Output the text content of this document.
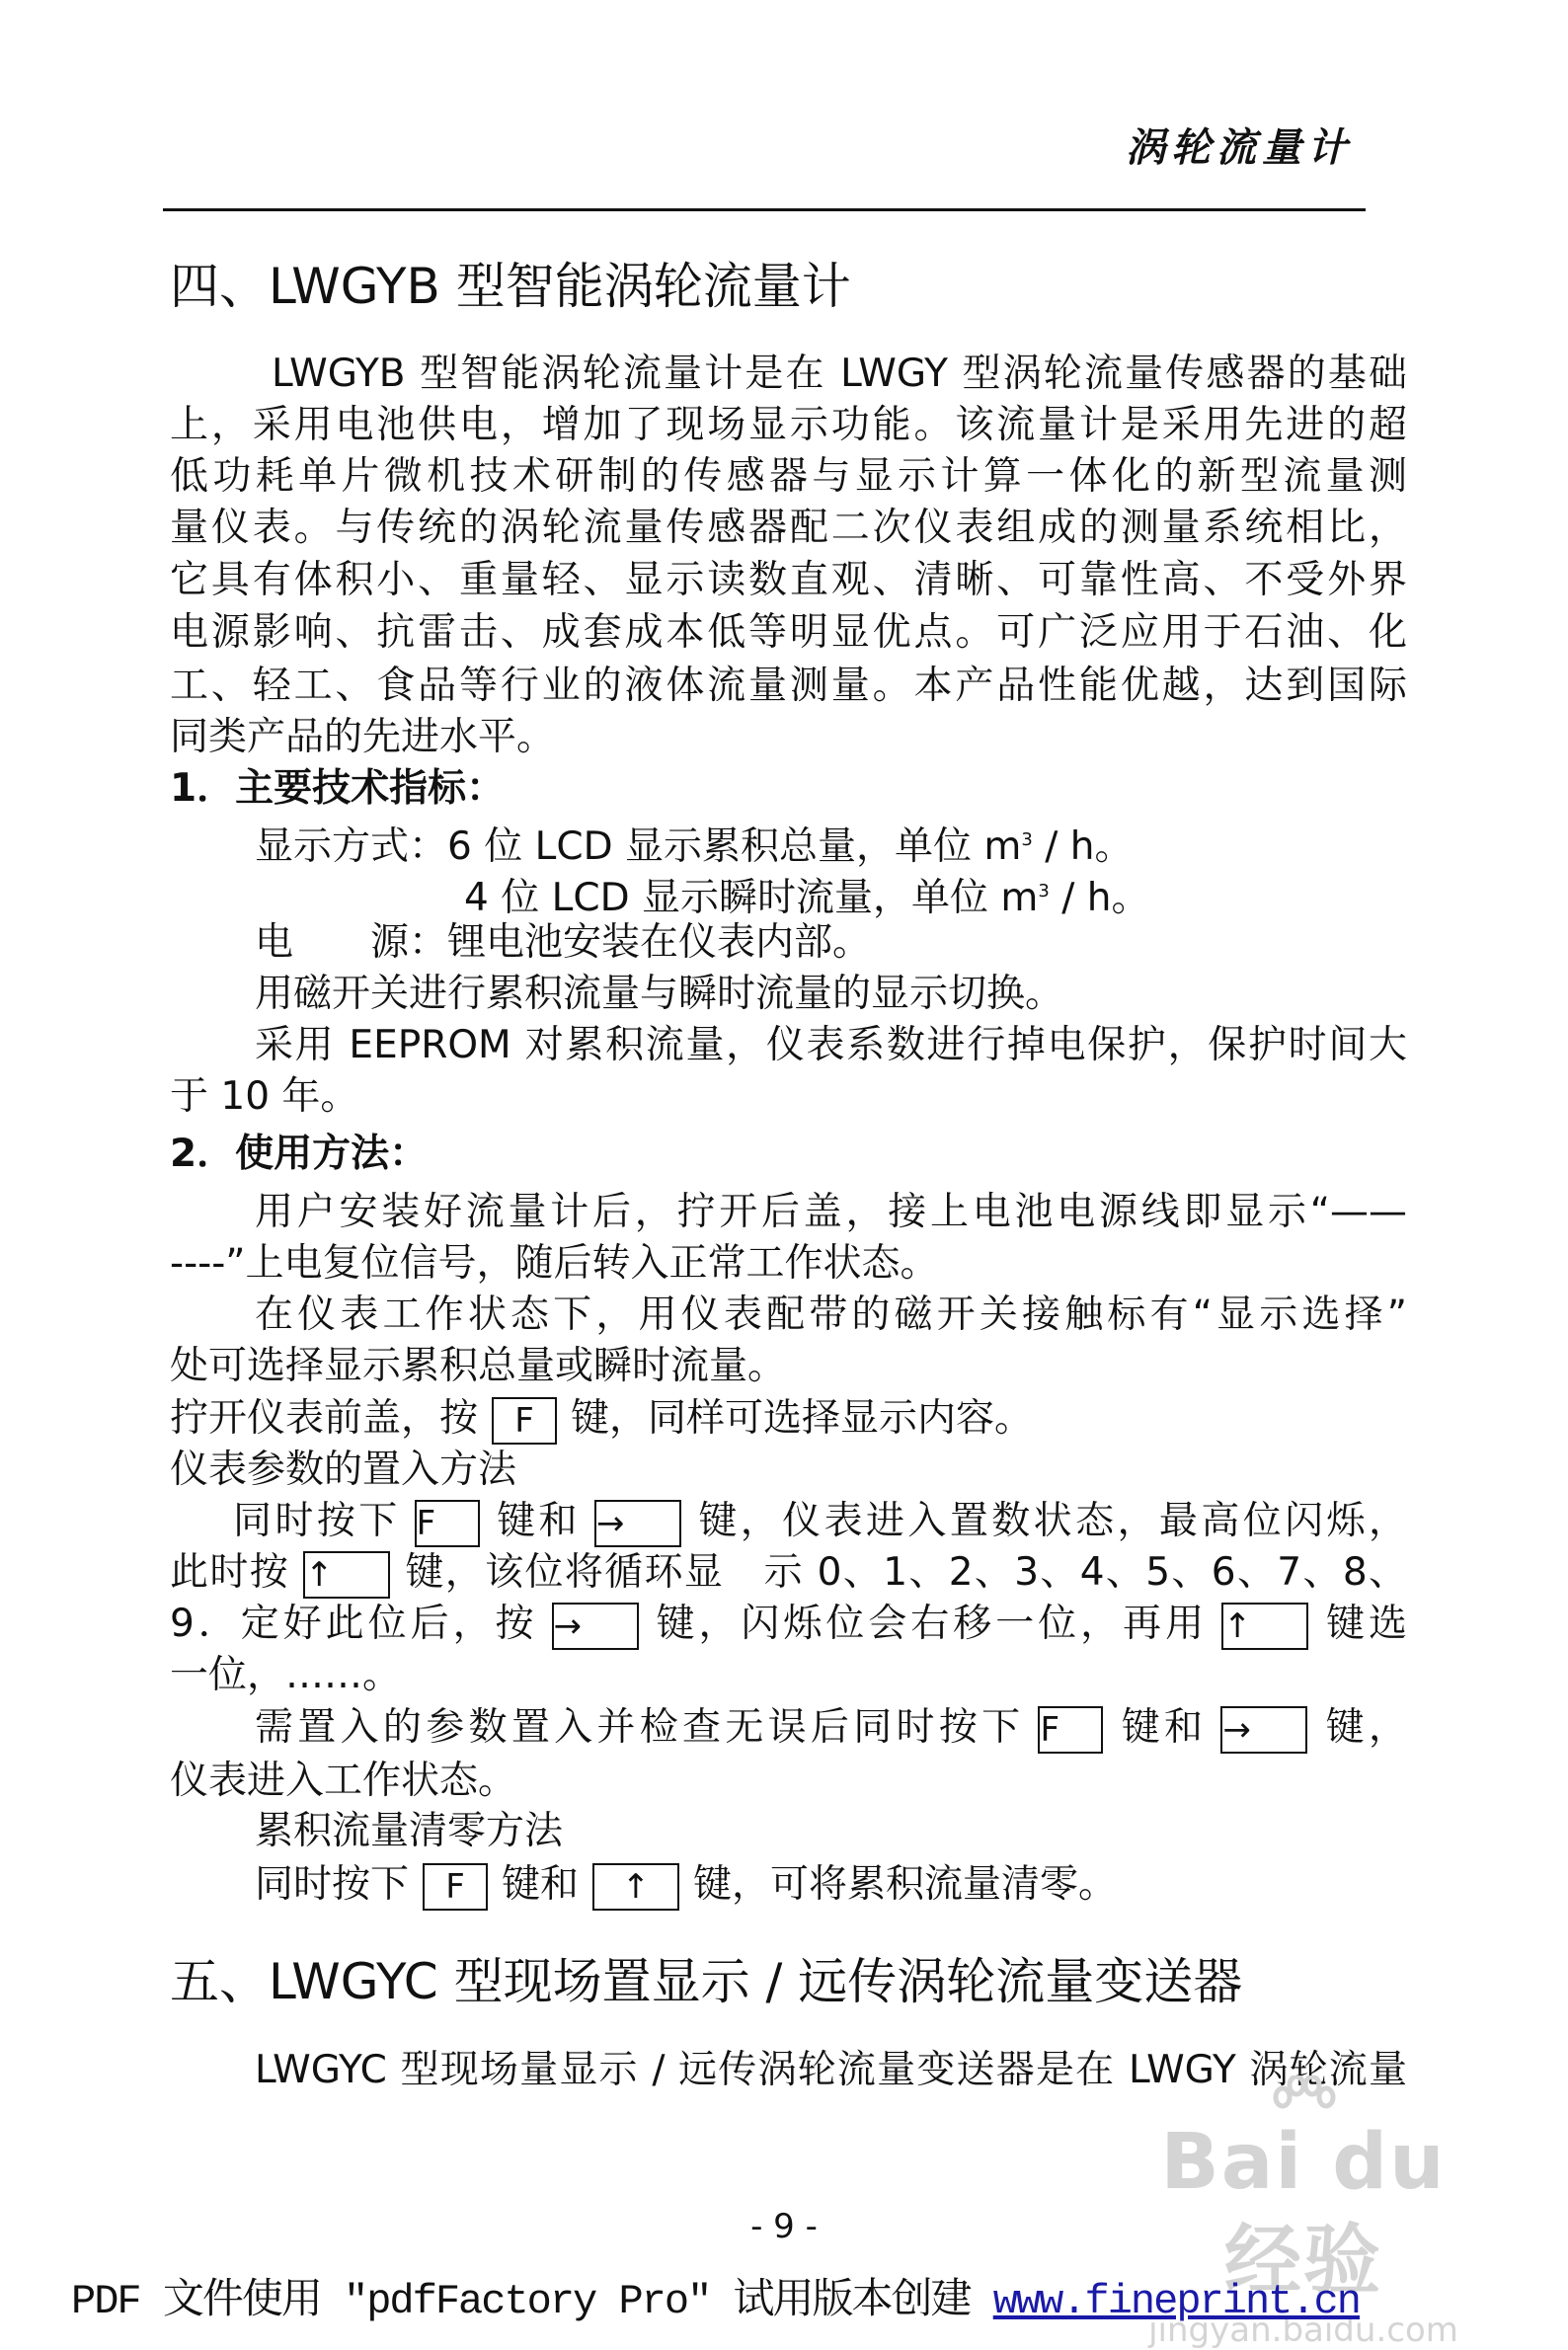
涡轮流量计
四、LWGYB 型智能涡轮流量计
LWGYB 型智能涡轮流量计是在 LWGY 型涡轮流量传感器的基础
上，采用电池供电，增加了现场显示功能。该流量计是采用先进的超
低功耗单片微机技术研制的传感器与显示计算一体化的新型流量测
量仪表。与传统的涡轮流量传感器配二次仪表组成的测量系统相比，
它具有体积小、重量轻、显示读数直观、清晰、可靠性高、不受外界
电源影响、抗雷击、成套成本低等明显优点。可广泛应用于石油、化
工、轻工、食品等行业的液体流量测量。本产品性能优越，达到国际
同类产品的先进水平。
1．主要技术指标：
显示方式：6 位 LCD 显示累积总量，单位 $m^3$ / h。
4 位 LCD 显示瞬时流量，单位 $m^3$ / h。
电　　源：锂电池安装在仪表内部。
用磁开关进行累积流量与瞬时流量的显示切换。
采用 EEPROM 对累积流量，仪表系数进行掉电保护，保护时间大
于 10 年。
2．使用方法：
用户安装好流量计后，拧开后盖，接上电池电源线即显示“——
----”上电复位信号，随后转入正常工作状态。
在仪表工作状态下，用仪表配带的磁开关接触标有“显示选择”
处可选择显示累积总量或瞬时流量。
拧开仪表前盖，按 F 键，同样可选择显示内容。
仪表参数的置入方法
同时按下 F 键和 → 键，仪表进入置数状态，最高位闪烁，
此时按 ↑ 键，该位将循环显　示 0、1、2、3、4、5、6、7、8、
9．定好此位后，按 → 键，闪烁位会右移一位，再用 ↑ 键选
一位，……。
需置入的参数置入并检查无误后同时按下 F 键和 → 键，
仪表进入工作状态。
累积流量清零方法
同时按下 F 键和 ↑ 键，可将累积流量清零。
五、LWGYC 型现场置显示 / 远传涡轮流量变送器
LWGYC 型现场量显示 / 远传涡轮流量变送器是在 LWGY 涡轮流量
- 9 -
Bai du 经验
jingyan.baidu.com
PDF 文件使用 "pdfFactory Pro" 试用版本创建 www.fineprint.cn
